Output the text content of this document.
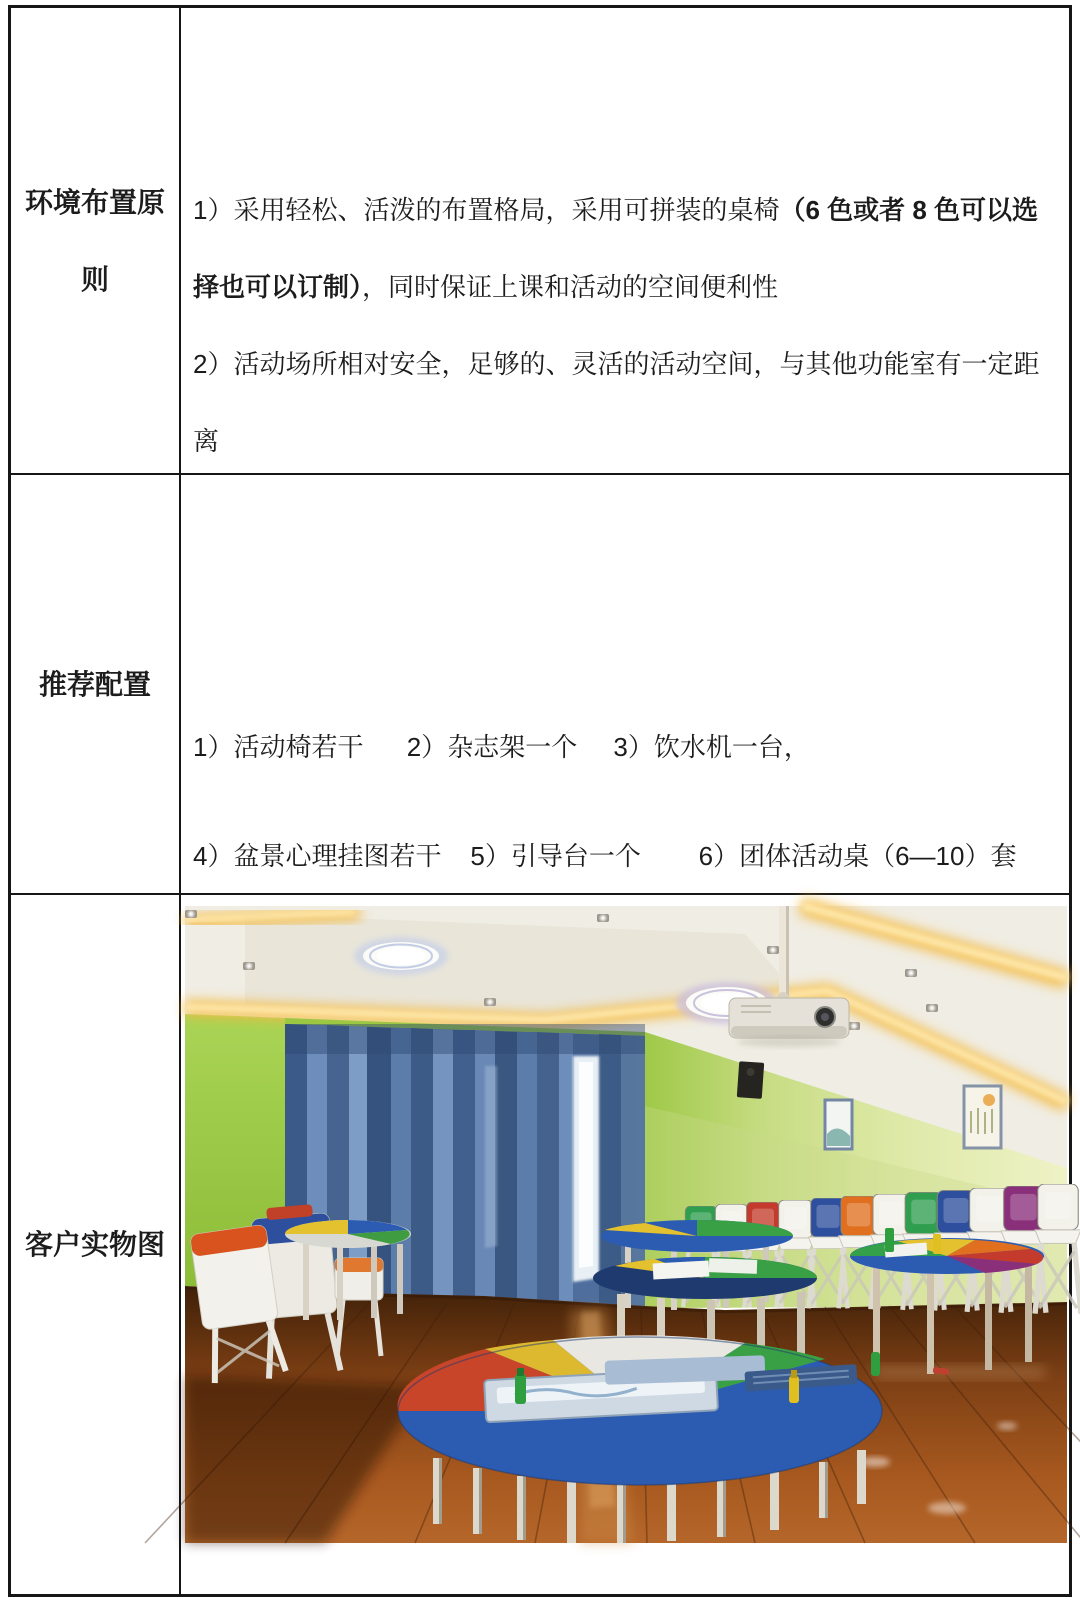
环境布置原则

1）采用轻松、活泼的布置格局，采用可拼装的桌椅（6 色或者 8 色可以选
择也可以订制），同时保证上课和活动的空间便利性
2）活动场所相对安全，足够的、灵活的活动空间，与其他功能室有一定距
离

推荐配置

1）活动椅若干      2）杂志架一个     3）饮水机一台，
4）盆景心理挂图若干    5）引导台一个        6）团体活动桌（6—10）套

客户实物图
